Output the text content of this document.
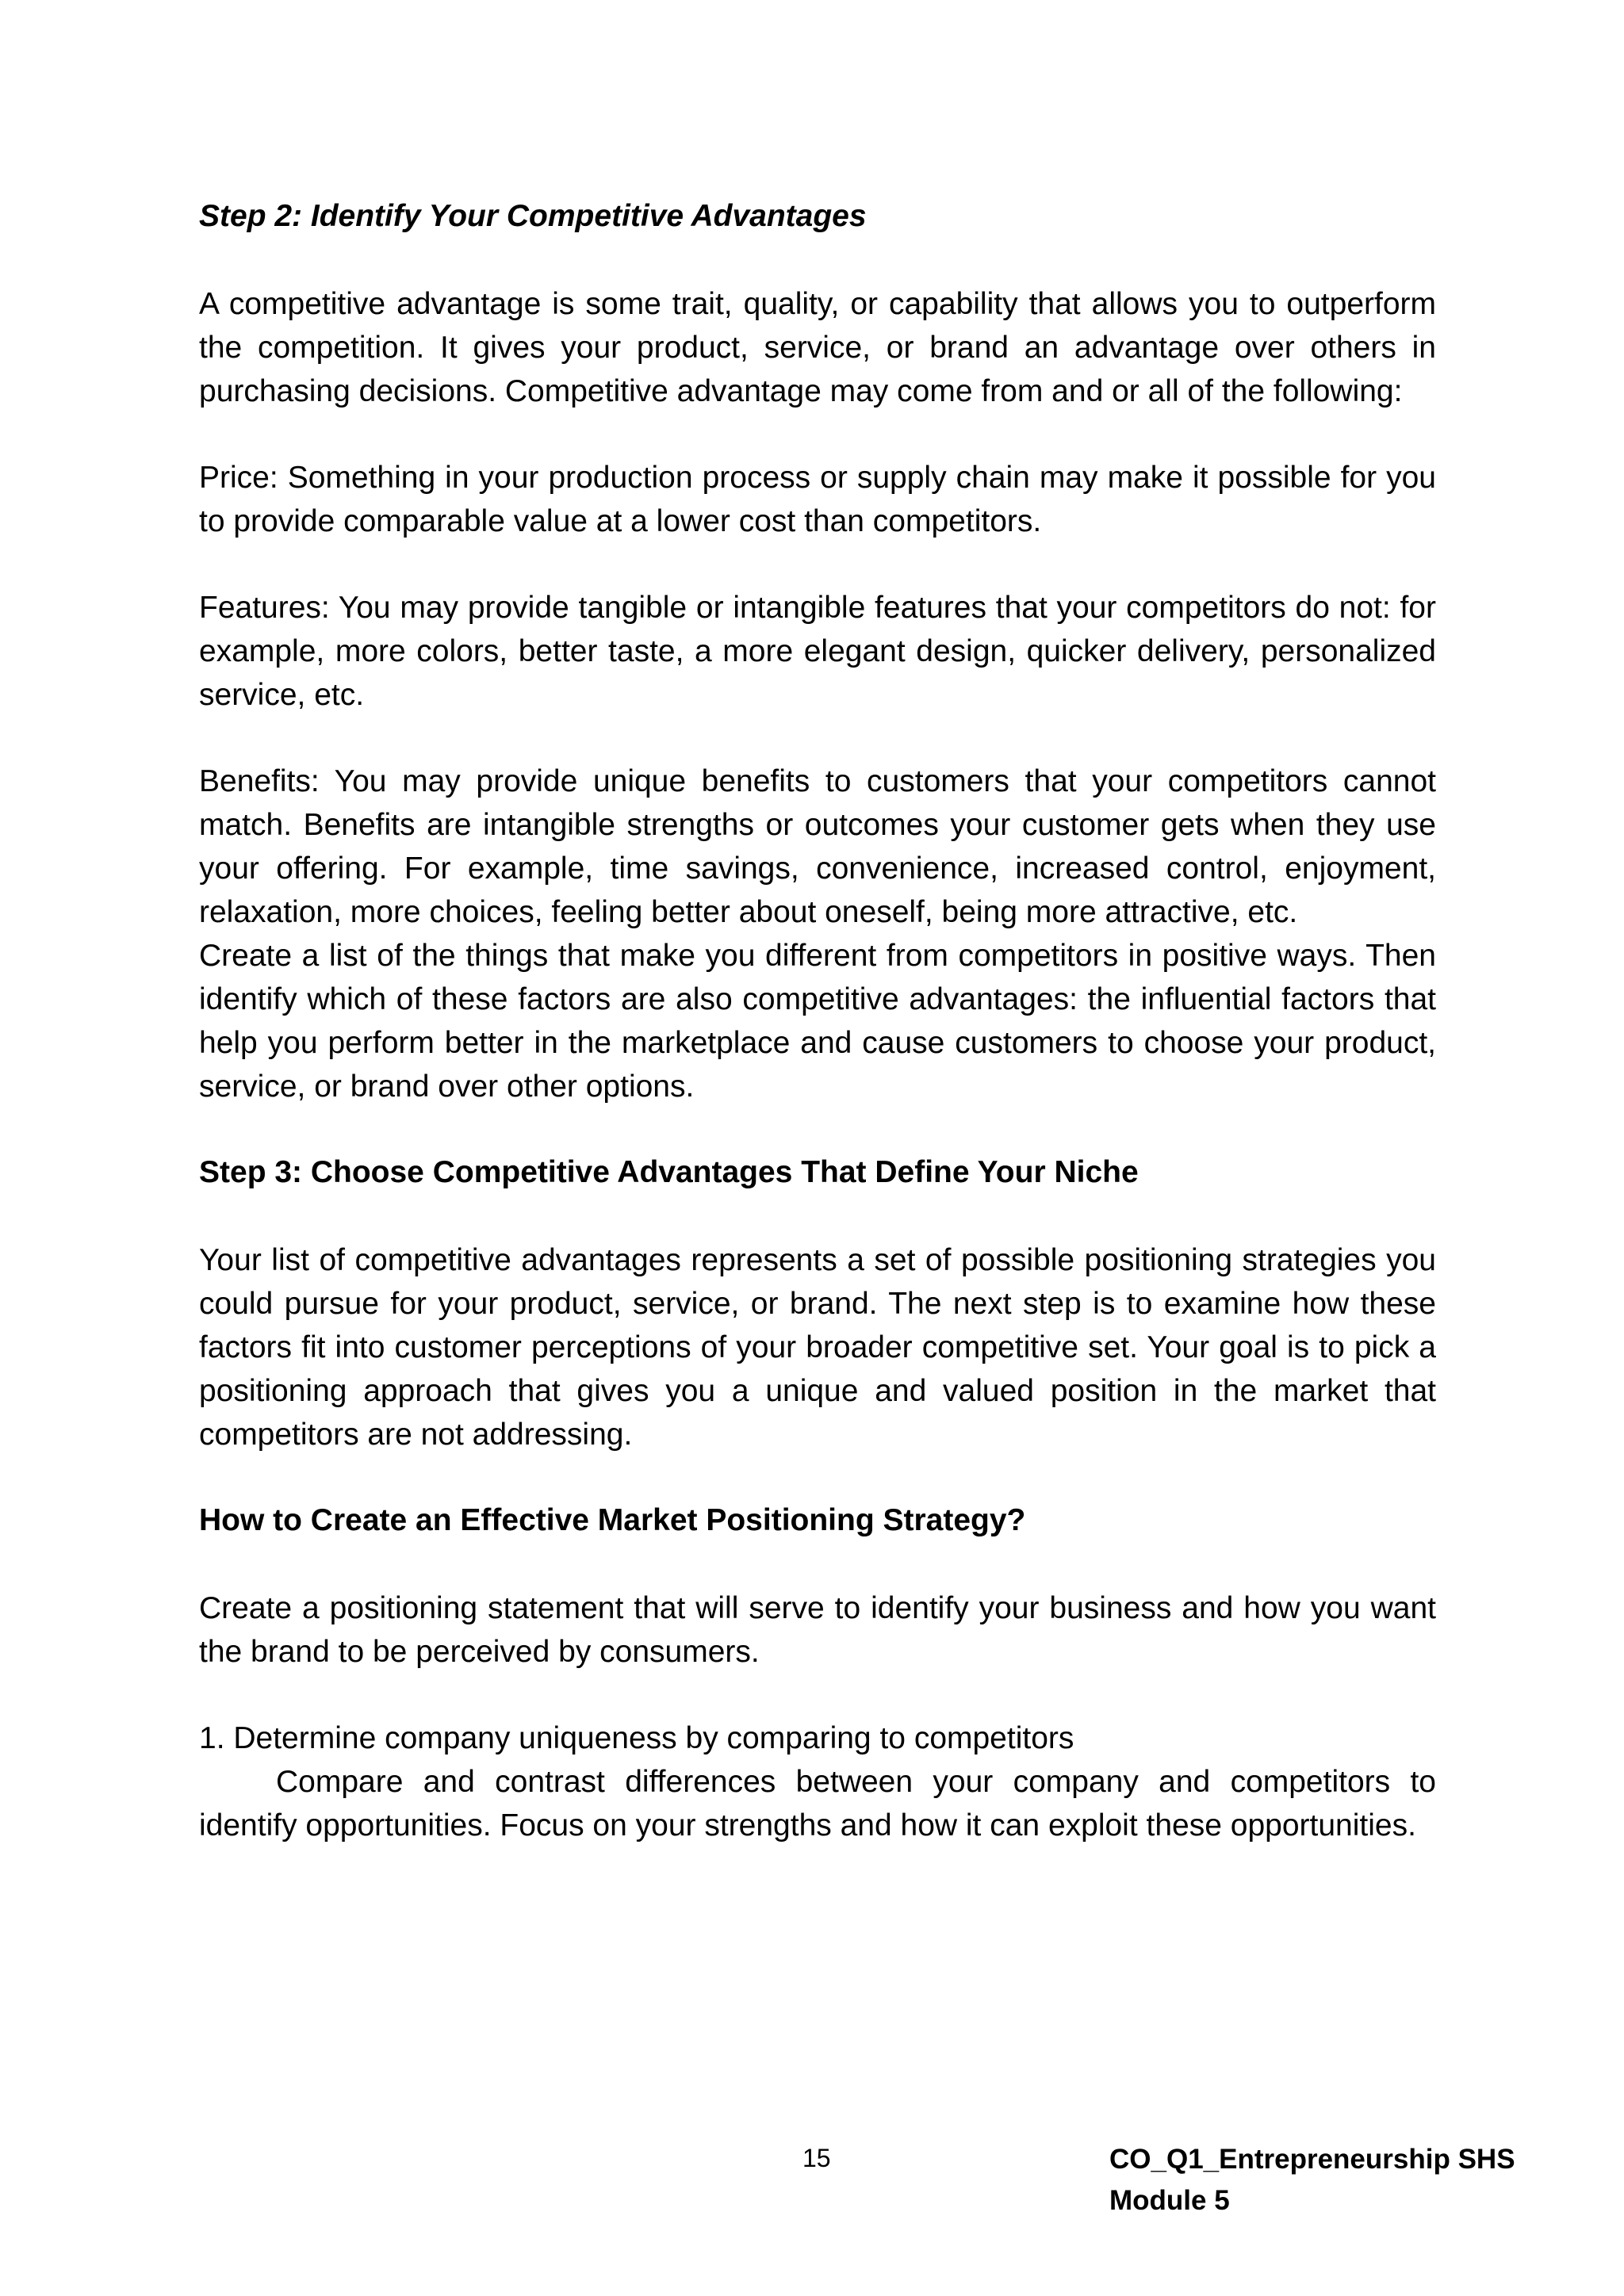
Step 2: Identify Your Competitive Advantages

A competitive advantage is some trait, quality, or capability that allows you to outperform the competition. It gives your product, service, or brand an advantage over others in purchasing decisions. Competitive advantage may come from and or all of the following:

Price: Something in your production process or supply chain may make it possible for you to provide comparable value at a lower cost than competitors.

Features: You may provide tangible or intangible features that your competitors do not: for example, more colors, better taste, a more elegant design, quicker delivery, personalized service, etc.

Benefits: You may provide unique benefits to customers that your competitors cannot match. Benefits are intangible strengths or outcomes your customer gets when they use your offering. For example, time savings, convenience, increased control, enjoyment, relaxation, more choices, feeling better about oneself, being more attractive, etc.

Create a list of the things that make you different from competitors in positive ways. Then identify which of these factors are also competitive advantages: the influential factors that help you perform better in the marketplace and cause customers to choose your product, service, or brand over other options.

Step 3: Choose Competitive Advantages That Define Your Niche

Your list of competitive advantages represents a set of possible positioning strategies you could pursue for your product, service, or brand. The next step is to examine how these factors fit into customer perceptions of your broader competitive set. Your goal is to pick a positioning approach that gives you a unique and valued position in the market that competitors are not addressing.

How to Create an Effective Market Positioning Strategy?

Create a positioning statement that will serve to identify your business and how you want the brand to be perceived by consumers.

1. Determine company uniqueness by comparing to competitors

Compare and contrast differences between your company and competitors to identify opportunities. Focus on your strengths and how it can exploit these opportunities.

15	CO_Q1_Entrepreneurship SHS
Module 5
